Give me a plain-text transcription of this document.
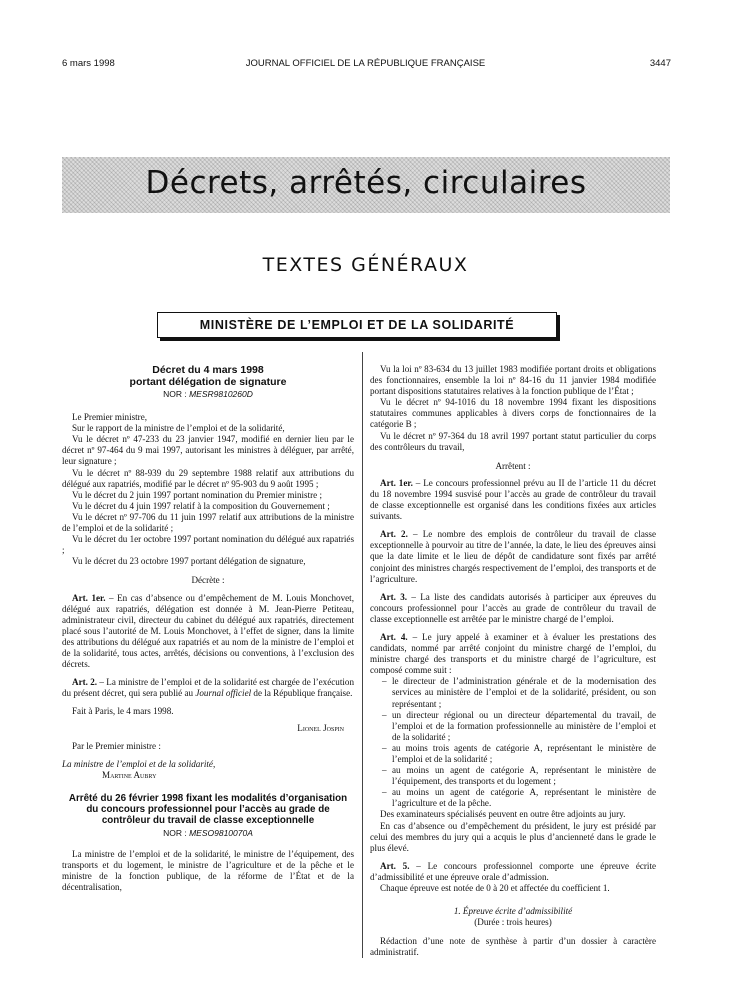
6 mars 1998	JOURNAL OFFICIEL DE LA RÉPUBLIQUE FRANÇAISE	3447
Décrets, arrêtés, circulaires
TEXTES GÉNÉRAUX
MINISTÈRE DE L’EMPLOI ET DE LA SOLIDARITÉ
Décret du 4 mars 1998
portant délégation de signature
NOR : MESR9810260D

Le Premier ministre,

Sur le rapport de la ministre de l’emploi et de la solidarité,

Vu le décret nº 47-233 du 23 janvier 1947, modifié en dernier lieu par le décret nº 97-464 du 9 mai 1997, autorisant les ministres à déléguer, par arrêté, leur signature ;

Vu le décret nº 88-939 du 29 septembre 1988 relatif aux attributions du délégué aux rapatriés, modifié par le décret nº 95-903 du 9 août 1995 ;

Vu le décret du 2 juin 1997 portant nomination du Premier ministre ;

Vu le décret du 4 juin 1997 relatif à la composition du Gouvernement ;

Vu le décret nº 97-706 du 11 juin 1997 relatif aux attributions de la ministre de l’emploi et de la solidarité ;

Vu le décret du 1er octobre 1997 portant nomination du délégué aux rapatriés ;

Vu le décret du 23 octobre 1997 portant délégation de signature,

Décrète :

Art. 1er. – En cas d’absence ou d’empêchement de M. Louis Monchovet, délégué aux rapatriés, délégation est donnée à M. Jean-Pierre Petiteau, administrateur civil, directeur du cabinet du délégué aux rapatriés, directement placé sous l’autorité de M. Louis Monchovet, à l’effet de signer, dans la limite des attributions du délégué aux rapatriés et au nom de la ministre de l’emploi et de la solidarité, tous actes, arrêtés, décisions ou conventions, à l’exclusion des décrets.

Art. 2. – La ministre de l’emploi et de la solidarité est chargée de l’exécution du présent décret, qui sera publié au Journal officiel de la République française.

Fait à Paris, le 4 mars 1998.

Lionel Jospin

Par le Premier ministre :

La ministre de l’emploi et de la solidarité,

Martine Aubry

Arrêté du 26 février 1998 fixant les modalités d’organisation du concours professionnel pour l’accès au grade de contrôleur du travail de classe exceptionnelle
NOR : MESO9810070A

La ministre de l’emploi et de la solidarité, le ministre de l’équipement, des transports et du logement, le ministre de l’agriculture et de la pêche et le ministre de la fonction publique, de la réforme de l’État et de la décentralisation,

Vu la loi nº 83-634 du 13 juillet 1983 modifiée portant droits et obligations des fonctionnaires, ensemble la loi nº 84-16 du 11 janvier 1984 modifiée portant dispositions statutaires relatives à la fonction publique de l’État ;

Vu le décret nº 94-1016 du 18 novembre 1994 fixant les dispositions statutaires communes applicables à divers corps de fonctionnaires de la catégorie B ;

Vu le décret nº 97-364 du 18 avril 1997 portant statut particulier du corps des contrôleurs du travail,

Arrêtent :

Art. 1er. – Le concours professionnel prévu au II de l’article 11 du décret du 18 novembre 1994 susvisé pour l’accès au grade de contrôleur du travail de classe exceptionnelle est organisé dans les conditions fixées aux articles suivants.

Art. 2. – Le nombre des emplois de contrôleur du travail de classe exceptionnelle à pourvoir au titre de l’année, la date, le lieu des épreuves ainsi que la date limite et le lieu de dépôt de candidature sont fixés par arrêté conjoint des ministres chargés respectivement de l’emploi, des transports et de l’agriculture.

Art. 3. – La liste des candidats autorisés à participer aux épreuves du concours professionnel pour l’accès au grade de contrôleur du travail de classe exceptionnelle est arrêtée par le ministre chargé de l’emploi.

Art. 4. – Le jury appelé à examiner et à évaluer les prestations des candidats, nommé par arrêté conjoint du ministre chargé de l’emploi, du ministre chargé des transports et du ministre chargé de l’agriculture, est composé comme suit :

– le directeur de l’administration générale et de la modernisation des services au ministère de l’emploi et de la solidarité, président, ou son représentant ;
– un directeur régional ou un directeur départemental du travail, de l’emploi et de la formation professionnelle au ministère de l’emploi et de la solidarité ;
– au moins trois agents de catégorie A, représentant le ministère de l’emploi et de la solidarité ;
– au moins un agent de catégorie A, représentant le ministère de l’équipement, des transports et du logement ;
– au moins un agent de catégorie A, représentant le ministère de l’agriculture et de la pêche.

Des examinateurs spécialisés peuvent en outre être adjoints au jury.

En cas d’absence ou d’empêchement du président, le jury est présidé par celui des membres du jury qui a acquis le plus d’ancienneté dans le grade le plus élevé.

Art. 5. – Le concours professionnel comporte une épreuve écrite d’admissibilité et une épreuve orale d’admission.

Chaque épreuve est notée de 0 à 20 et affectée du coefficient 1.

1. Épreuve écrite d’admissibilité
(Durée : trois heures)

Rédaction d’une note de synthèse à partir d’un dossier à caractère administratif.
